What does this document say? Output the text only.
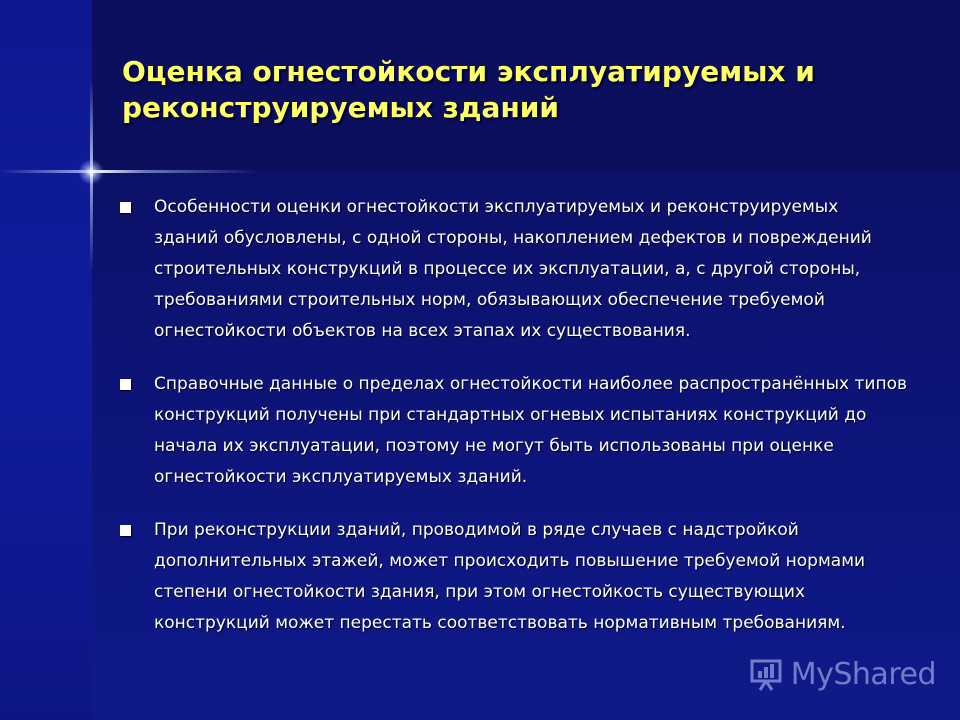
Оценка огнестойкости эксплуатируемых и реконструируемых зданий
Особенности оценки огнестойкости эксплуатируемых и реконструируемых зданий обусловлены, с одной стороны, накоплением дефектов и повреждений строительных конструкций в процессе их эксплуатации, а, с другой стороны, требованиями строительных норм, обязывающих обеспечение требуемой огнестойкости объектов на всех этапах их существования.
Справочные данные о пределах огнестойкости наиболее распространённых типов конструкций получены при стандартных огневых испытаниях конструкций до начала их эксплуатации, поэтому не могут быть использованы при оценке огнестойкости эксплуатируемых зданий.
При реконструкции зданий, проводимой в ряде случаев с надстройкой дополнительных этажей, может происходить повышение требуемой нормами степени огнестойкости здания, при этом огнестойкость существующих конструкций может перестать соответствовать нормативным требованиям.
MyShared
